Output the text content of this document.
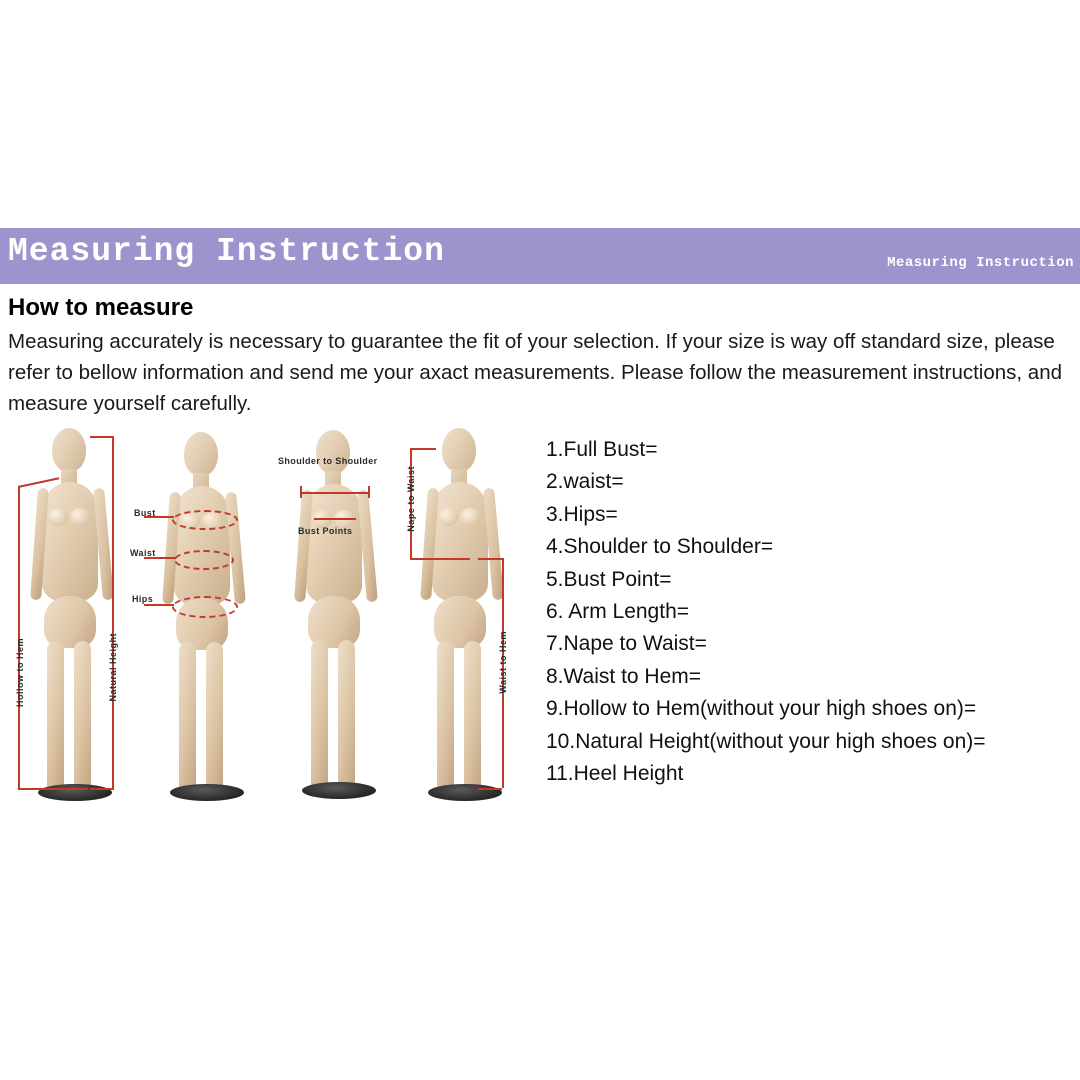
Measuring Instruction	Measuring Instruction
How to measure

Measuring accurately is necessary to guarantee the fit of your selection. If your size is way off standard size, please refer to bellow information and send me your axact measurements. Please follow the measurement instructions, and measure yourself carefully.

Hollow to Hem	Natural Height
Bust
Waist
Hips
Shoulder to Shoulder
Bust Points	Nape to Waist
Waist to Hem
1.Full Bust=
2.waist=
3.Hips=
4.Shoulder to Shoulder=
5.Bust Point=
6. Arm Length=
7.Nape to Waist=
8.Waist to Hem=
9.Hollow to Hem(without your high shoes on)=
10.Natural Height(without your high shoes on)=
11.Heel Height
